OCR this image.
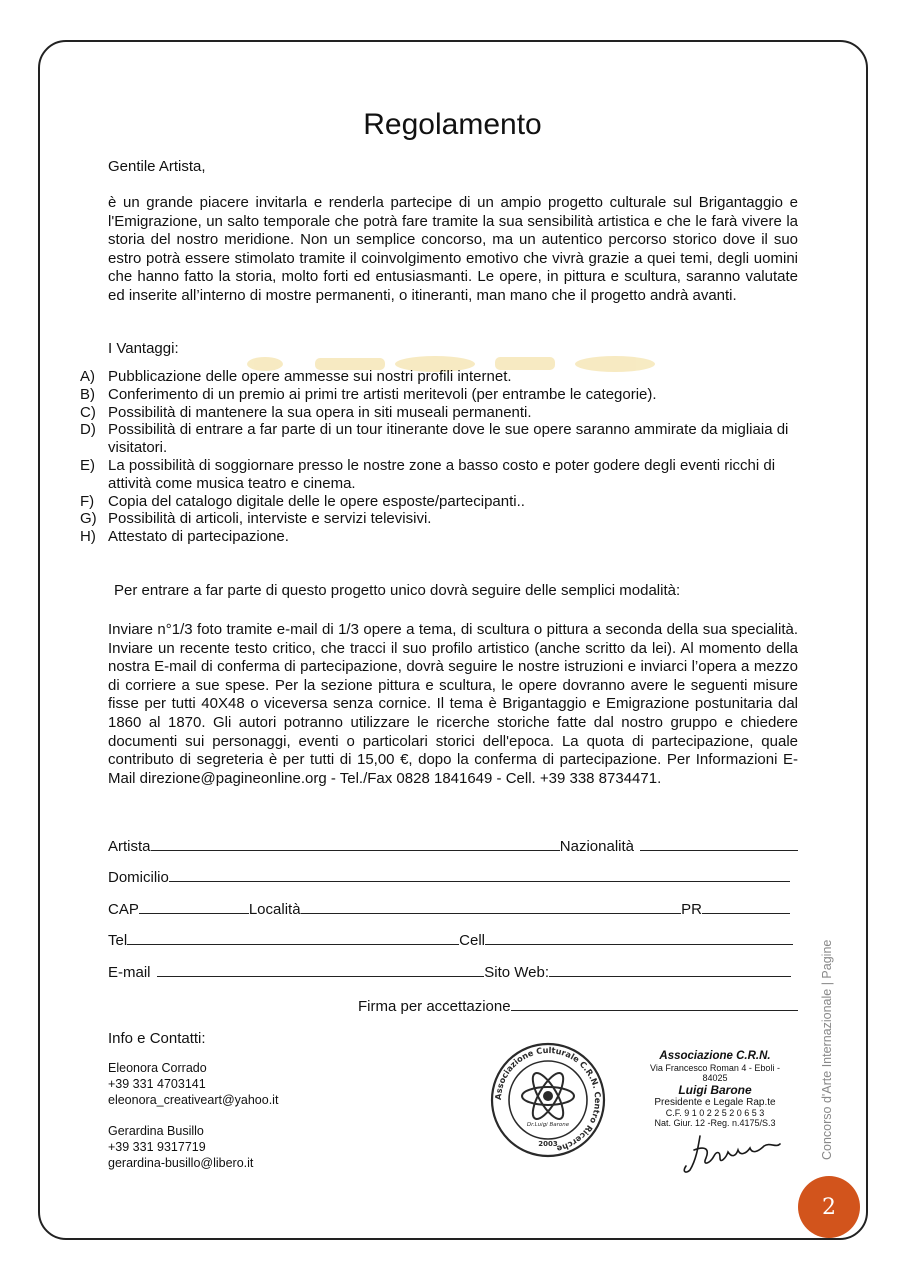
Regolamento
Gentile Artista,
è un grande piacere invitarla e renderla partecipe di un ampio progetto culturale sul Brigantaggio e l'Emigrazione, un salto temporale che potrà fare tramite la sua sensibilità artistica e che le farà vivere la storia del nostro meridione. Non un semplice concorso, ma un autentico percorso storico dove il suo estro potrà essere stimolato tramite il coinvolgimento emotivo che vivrà grazie a quei temi, degli uomini che hanno fatto la storia, molto forti ed entusiasmanti. Le opere, in pittura e scultura, saranno valutate ed inserite all’interno di mostre permanenti, o itineranti, man mano che il progetto andrà avanti.
I Vantaggi:
A) Pubblicazione delle opere ammesse sui nostri profili internet.
B) Conferimento di un premio ai primi tre artisti meritevoli (per entrambe le categorie).
C) Possibilità di mantenere la sua opera in siti museali permanenti.
D) Possibilità di entrare a far parte di un tour itinerante dove le sue opere saranno ammirate da migliaia di visitatori.
E) La possibilità di soggiornare presso le nostre zone a basso costo e poter godere degli eventi ricchi di attività come musica teatro e cinema.
F) Copia del catalogo digitale delle le opere esposte/partecipanti..
G) Possibilità di articoli, interviste e servizi televisivi.
H) Attestato di partecipazione.
Per entrare a far parte di questo progetto unico dovrà seguire delle semplici modalità:
Inviare n°1/3 foto tramite e-mail di 1/3 opere a tema, di scultura o pittura a seconda della sua specialità. Inviare un recente testo critico, che tracci il suo profilo artistico (anche scritto da lei). Al momento della nostra E-mail di conferma di partecipazione, dovrà seguire le nostre istruzioni e inviarci l’opera a mezzo di corriere a sue spese. Per la sezione pittura e scultura, le opere dovranno avere le seguenti misure fisse per tutti 40X48 o viceversa senza cornice. Il tema è Brigantaggio e Emigrazione postunitaria dal 1860 al 1870. Gli autori potranno utilizzare le ricerche storiche fatte dal nostro gruppo e chiedere documenti sui personaggi, eventi o particolari storici dell'epoca. La quota di partecipazione, quale contributo di segreteria è per tutti di 15,00 €, dopo la conferma di partecipazione. Per Informazioni E-Mail direzione@pagineonline.org - Tel./Fax 0828 1841649 - Cell. +39 338 8734471.
Artista	Nazionalità
Domicilio
CAP	Località	PR
Tel	Cell
E-mail	Sito Web:
Firma per accettazione
Info e Contatti:
Eleonora Corrado
+39 331 4703141
eleonora_creativeart@yahoo.it
Gerardina Busillo
+39 331 9317719
gerardina-busillo@libero.it
Associazione Culturale C.R.N. Centro Ricerche
Dr.Luigi Barone
2003
Associazione C.R.N.
Via Francesco Roman 4 - Eboli - 84025
Luigi Barone
Presidente e Legale Rap.te
C.F. 9 1 0 2 2 5 2 0 6 5 3
Nat. Giur. 12 -Reg. n.4175/S.3	Concorso d'Arte Internazionale | Pagine
2
